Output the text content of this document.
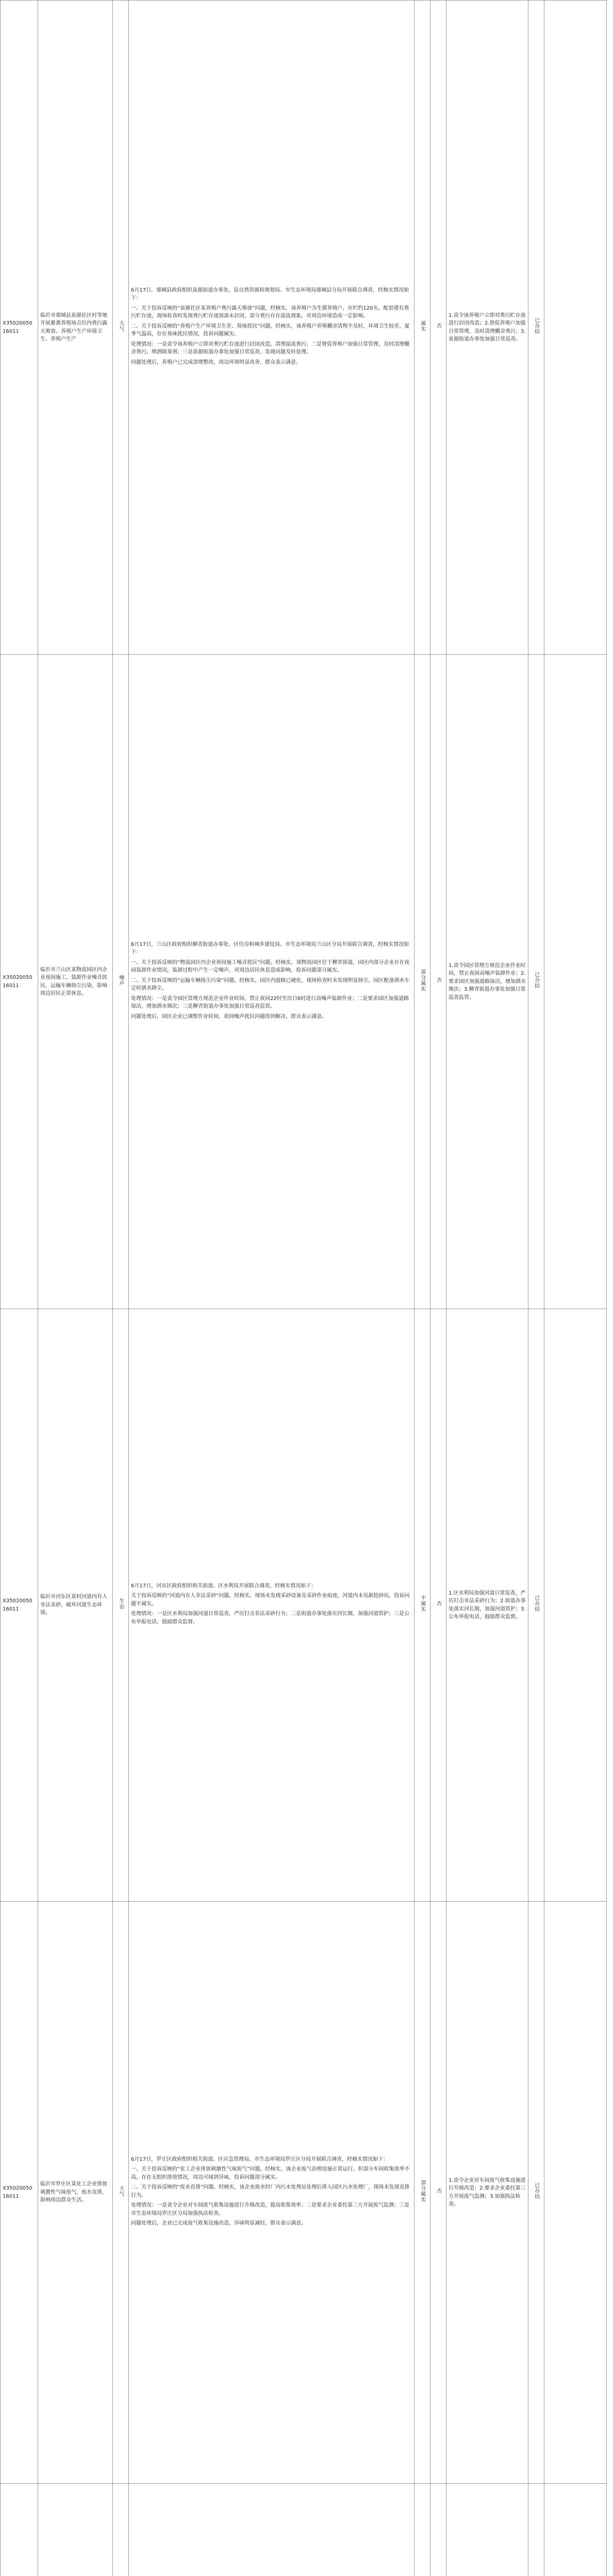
X3502005016011	临沂市郯城县泉源社区村等地开展畜禽养殖场点位内粪污露天堆放、养殖户生产环境卫生、养殖户生产	大气	6月17日，郯城县政府组织泉源街道办事处、县自然资源和规划局、市生态环境局郯城县分局开展联合调查，经核实情况如下：
一、关于投诉反映的“泉源社区某养殖户粪污露天堆放”问题，经核实，该养殖户为生猪养殖户，存栏约120头，配套建有粪污贮存池，现场检查时发现粪污贮存池顶部未封闭，部分粪污存在溢流现象，对周边环境造成一定影响。
二、关于投诉反映的“养殖户生产环境卫生差、臭味扰民”问题，经核实，该养殖户养殖棚舍清理不及时，环境卫生较差，夏季气温高，存在臭味扰民情况，投诉问题属实。
处理情况：一是责令该养殖户立即对粪污贮存池进行封闭改造，清理溢流粪污；二是督促养殖户加强日常管理，及时清理棚舍粪污，喷洒除臭剂；三是泉源街道办事处加强日常巡查，发现问题及时处理。
问题处理后，养殖户已完成清理整改，周边环境明显改善，群众表示满意。	属实	否	1.责令该养殖户立即对粪污贮存池进行封闭改造；2.督促养殖户加强日常管理，及时清理棚舍粪污；3.泉源街道办事处加强日常巡查。	已办结	
X3502005016011	临沂市兰山区某物流园区内企业夜间施工，装卸作业噪音扰民，运输车辆扬尘污染，影响周边居民正常休息。	噪声	6月17日，兰山区政府组织柳青街道办事处、区住房和城乡建设局、市生态环境局兰山区分局开展联合调查，经核实情况如下：
一、关于投诉反映的“物流园区内企业夜间施工噪音扰民”问题，经核实，该物流园区位于柳青街道，园区内部分企业存在夜间装卸作业情况，装卸过程中产生一定噪声，对周边居民休息造成影响，投诉问题部分属实。
二、关于投诉反映的“运输车辆扬尘污染”问题，经核实，园区内道路已硬化，现场检查时未发现明显扬尘，园区配备洒水车定时洒水降尘。
处理情况：一是责令园区管理方规范企业作业时间，禁止夜间22时至次日6时进行高噪声装卸作业；二是要求园区加强道路保洁，增加洒水频次；三是柳青街道办事处加强日常巡查监管。
问题处理后，园区企业已调整作业时间，夜间噪声扰民问题得到解决，群众表示满意。	部分属实	否	1.责令园区管理方规范企业作业时间，禁止夜间高噪声装卸作业；2.要求园区加强道路保洁，增加洒水频次；3.柳青街道办事处加强日常巡查监管。	已办结	
X3502005016011	临沂市河东区某村河道内有人非法采砂，破坏河道生态环境。	生态	6月17日，河东区政府组织相关街道、区水利局开展联合调查，经核实情况如下：
关于投诉反映的“河道内有人非法采砂”问题，经核实，现场未发现采砂设备及采砂作业痕迹，河道内未见新挖砂坑，投诉问题不属实。
处理情况：一是区水利局加强河道日常巡查，严厉打击非法采砂行为；二是街道办事处落实河长制，加强河道管护；三是公布举报电话，鼓励群众监督。	不属实	否	1.区水利局加强河道日常巡查，严厉打击非法采砂行为；2.街道办事处落实河长制，加强河道管护；3.公布举报电话，鼓励群众监督。	已办结	
X3502005016011	临沂市罗庄区某化工企业排放刺激性气味废气，废水直排，影响周边群众生活。	大气	6月17日，罗庄区政府组织相关街道、区应急管理局、市生态环境局罗庄区分局开展联合调查，经核实情况如下：
一、关于投诉反映的“化工企业排放刺激性气味废气”问题，经核实，该企业废气治理设施正常运行，但部分车间收集效率不高，存在无组织排放情况，周边可闻到异味，投诉问题部分属实。
二、关于投诉反映的“废水直排”问题，经核实，该企业废水经厂内污水处理站处理后排入园区污水处理厂，现场未发现直排行为。
处理情况：一是责令企业对车间废气收集设施进行升级改造，提高收集效率；二是要求企业委托第三方开展废气监测；三是市生态环境局罗庄区分局加强执法检查。
问题处理后，企业已完成废气收集设施改造，异味明显减轻，群众表示满意。	部分属实	否	1.责令企业对车间废气收集设施进行升级改造；2.要求企业委托第三方开展废气监测；3.加强执法检查。	已办结	
